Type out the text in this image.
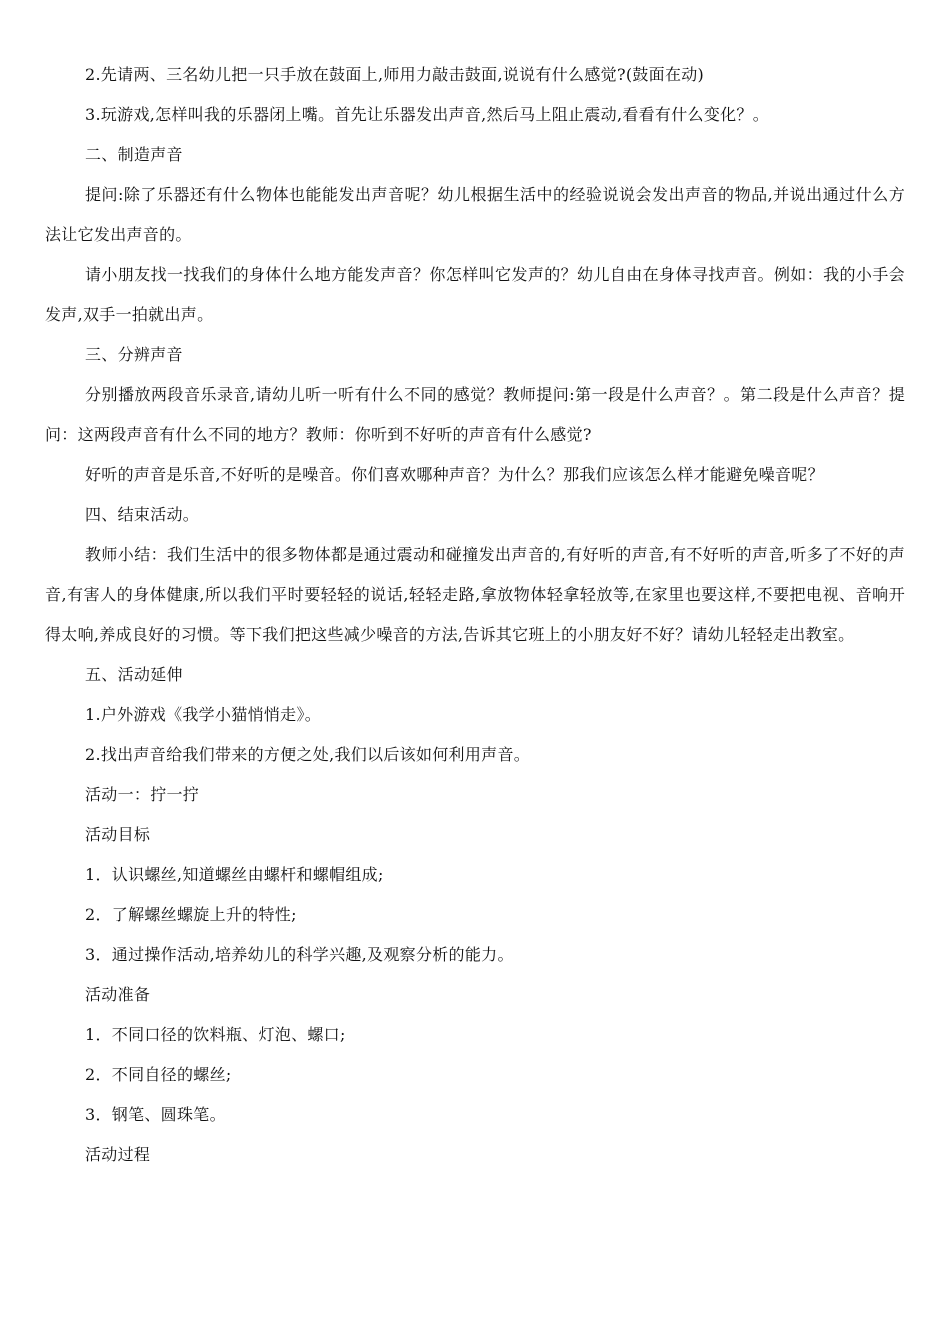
2.先请两、三名幼儿把一只手放在鼓面上,师用力敲击鼓面,说说有什么感觉?(鼓面在动)

3.玩游戏,怎样叫我的乐器闭上嘴。首先让乐器发出声音,然后马上阻止震动,看看有什么变化？。

二、制造声音

提问:除了乐器还有什么物体也能能发出声音呢？幼儿根据生活中的经验说说会发出声音的物品,并说出通过什么方法让它发出声音的。

请小朋友找一找我们的身体什么地方能发声音？你怎样叫它发声的？幼儿自由在身体寻找声音。例如：我的小手会发声,双手一拍就出声。

三、分辨声音

分别播放两段音乐录音,请幼儿听一听有什么不同的感觉？教师提问:第一段是什么声音？。第二段是什么声音？提问：这两段声音有什么不同的地方？教师：你听到不好听的声音有什么感觉?

好听的声音是乐音,不好听的是噪音。你们喜欢哪种声音？为什么？那我们应该怎么样才能避免噪音呢？

四、结束活动。

教师小结：我们生活中的很多物体都是通过震动和碰撞发出声音的,有好听的声音,有不好听的声音,听多了不好的声音,有害人的身体健康,所以我们平时要轻轻的说话,轻轻走路,拿放物体轻拿轻放等,在家里也要这样,不要把电视、音响开得太响,养成良好的习惯。等下我们把这些减少噪音的方法,告诉其它班上的小朋友好不好？请幼儿轻轻走出教室。

五、活动延伸

1.户外游戏《我学小猫悄悄走》。

2.找出声音给我们带来的方便之处,我们以后该如何利用声音。

活动一：拧一拧

活动目标

1．认识螺丝,知道螺丝由螺杆和螺帽组成;

2．了解螺丝螺旋上升的特性;

3．通过操作活动,培养幼儿的科学兴趣,及观察分析的能力。

活动准备

1．不同口径的饮料瓶、灯泡、螺口;

2．不同自径的螺丝;

3．钢笔、圆珠笔。

活动过程
